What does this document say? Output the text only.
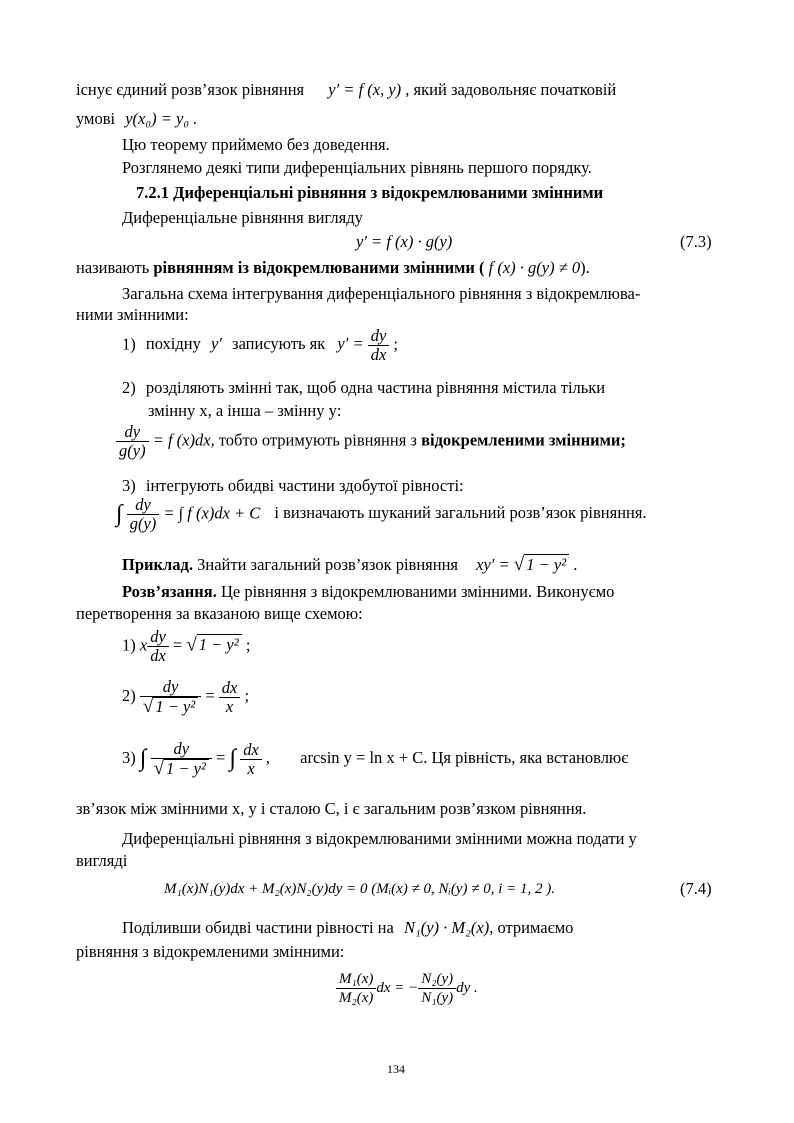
існує єдиний розв’язок рівняння y′ = f (x, y) , який задовольняє початковій
умові y(x₀) = y₀ .
Цю теорему приймемо без доведення.
Розглянемо деякі типи диференціальних рівнянь першого порядку.
7.2.1 Диференціальні рівняння з відокремлюваними змінними
Диференціальне рівняння вигляду
y′ = f (x) · g(y)	(7.3)
називають рівнянням із відокремлюваними змінними ( f (x) · g(y) ≠ 0).
Загальна схема інтегрування диференціального рівняння з відокремлюва-
ними змінними:
1) похідну y′ записують як $y' = \frac{dy}{dx}$ ;
2) розділяють змінні так, щоб одна частина рівняння містила тільки
змінну x, а інша – змінну y:
$\frac{dy}{g(y)} = f$ (x)dx, тобто отримують рівняння з відокремленими змінними;
3) інтегрують обидві частини здобутої рівності:
∫ $\frac{dy}{g(y)}$ = ∫ f (x)dx + C і визначають шуканий загальний розв’язок рівняння.
Приклад. Знайти загальний розв’язок рівняння xy′ = √ 1 − y² .
Розв’язання. Це рівняння з відокремлюваними змінними. Виконуємо
перетворення за вказаною вище схемою:
1) x $\frac{dy}{dx}$ = √ 1 − y² ;
$2) \frac{dy}{\text{√ 1 − y²}} = \frac{dx}{x}$ ;
3) ∫ $\frac{dy}{\text{√ 1 − y²}}$ = ∫ $\frac{dx}{x}$ , arcsin y = ln x + C. Ця рівність, яка встановлює
зв’язок між змінними x, y і сталою C, і є загальним розв’язком рівняння.
Диференціальні рівняння з відокремлюваними змінними можна подати у
вигляді
M₁(x)N₁(y)dx + M₂(x)N₂(y)dy = 0 (Mᵢ(x) ≠ 0, Nᵢ(y) ≠ 0, i = 1, 2 ).	(7.4)
Поділивши обидві частини рівності на N₁(y) · M₂(x), отримаємо
рівняння з відокремленими змінними:
$\frac{\text{M₁(x)}}{\text{M₂(x)}}$ dx = − $\frac{\text{N₂(y)}}{\text{N₁(y)}}$ dy .
134
